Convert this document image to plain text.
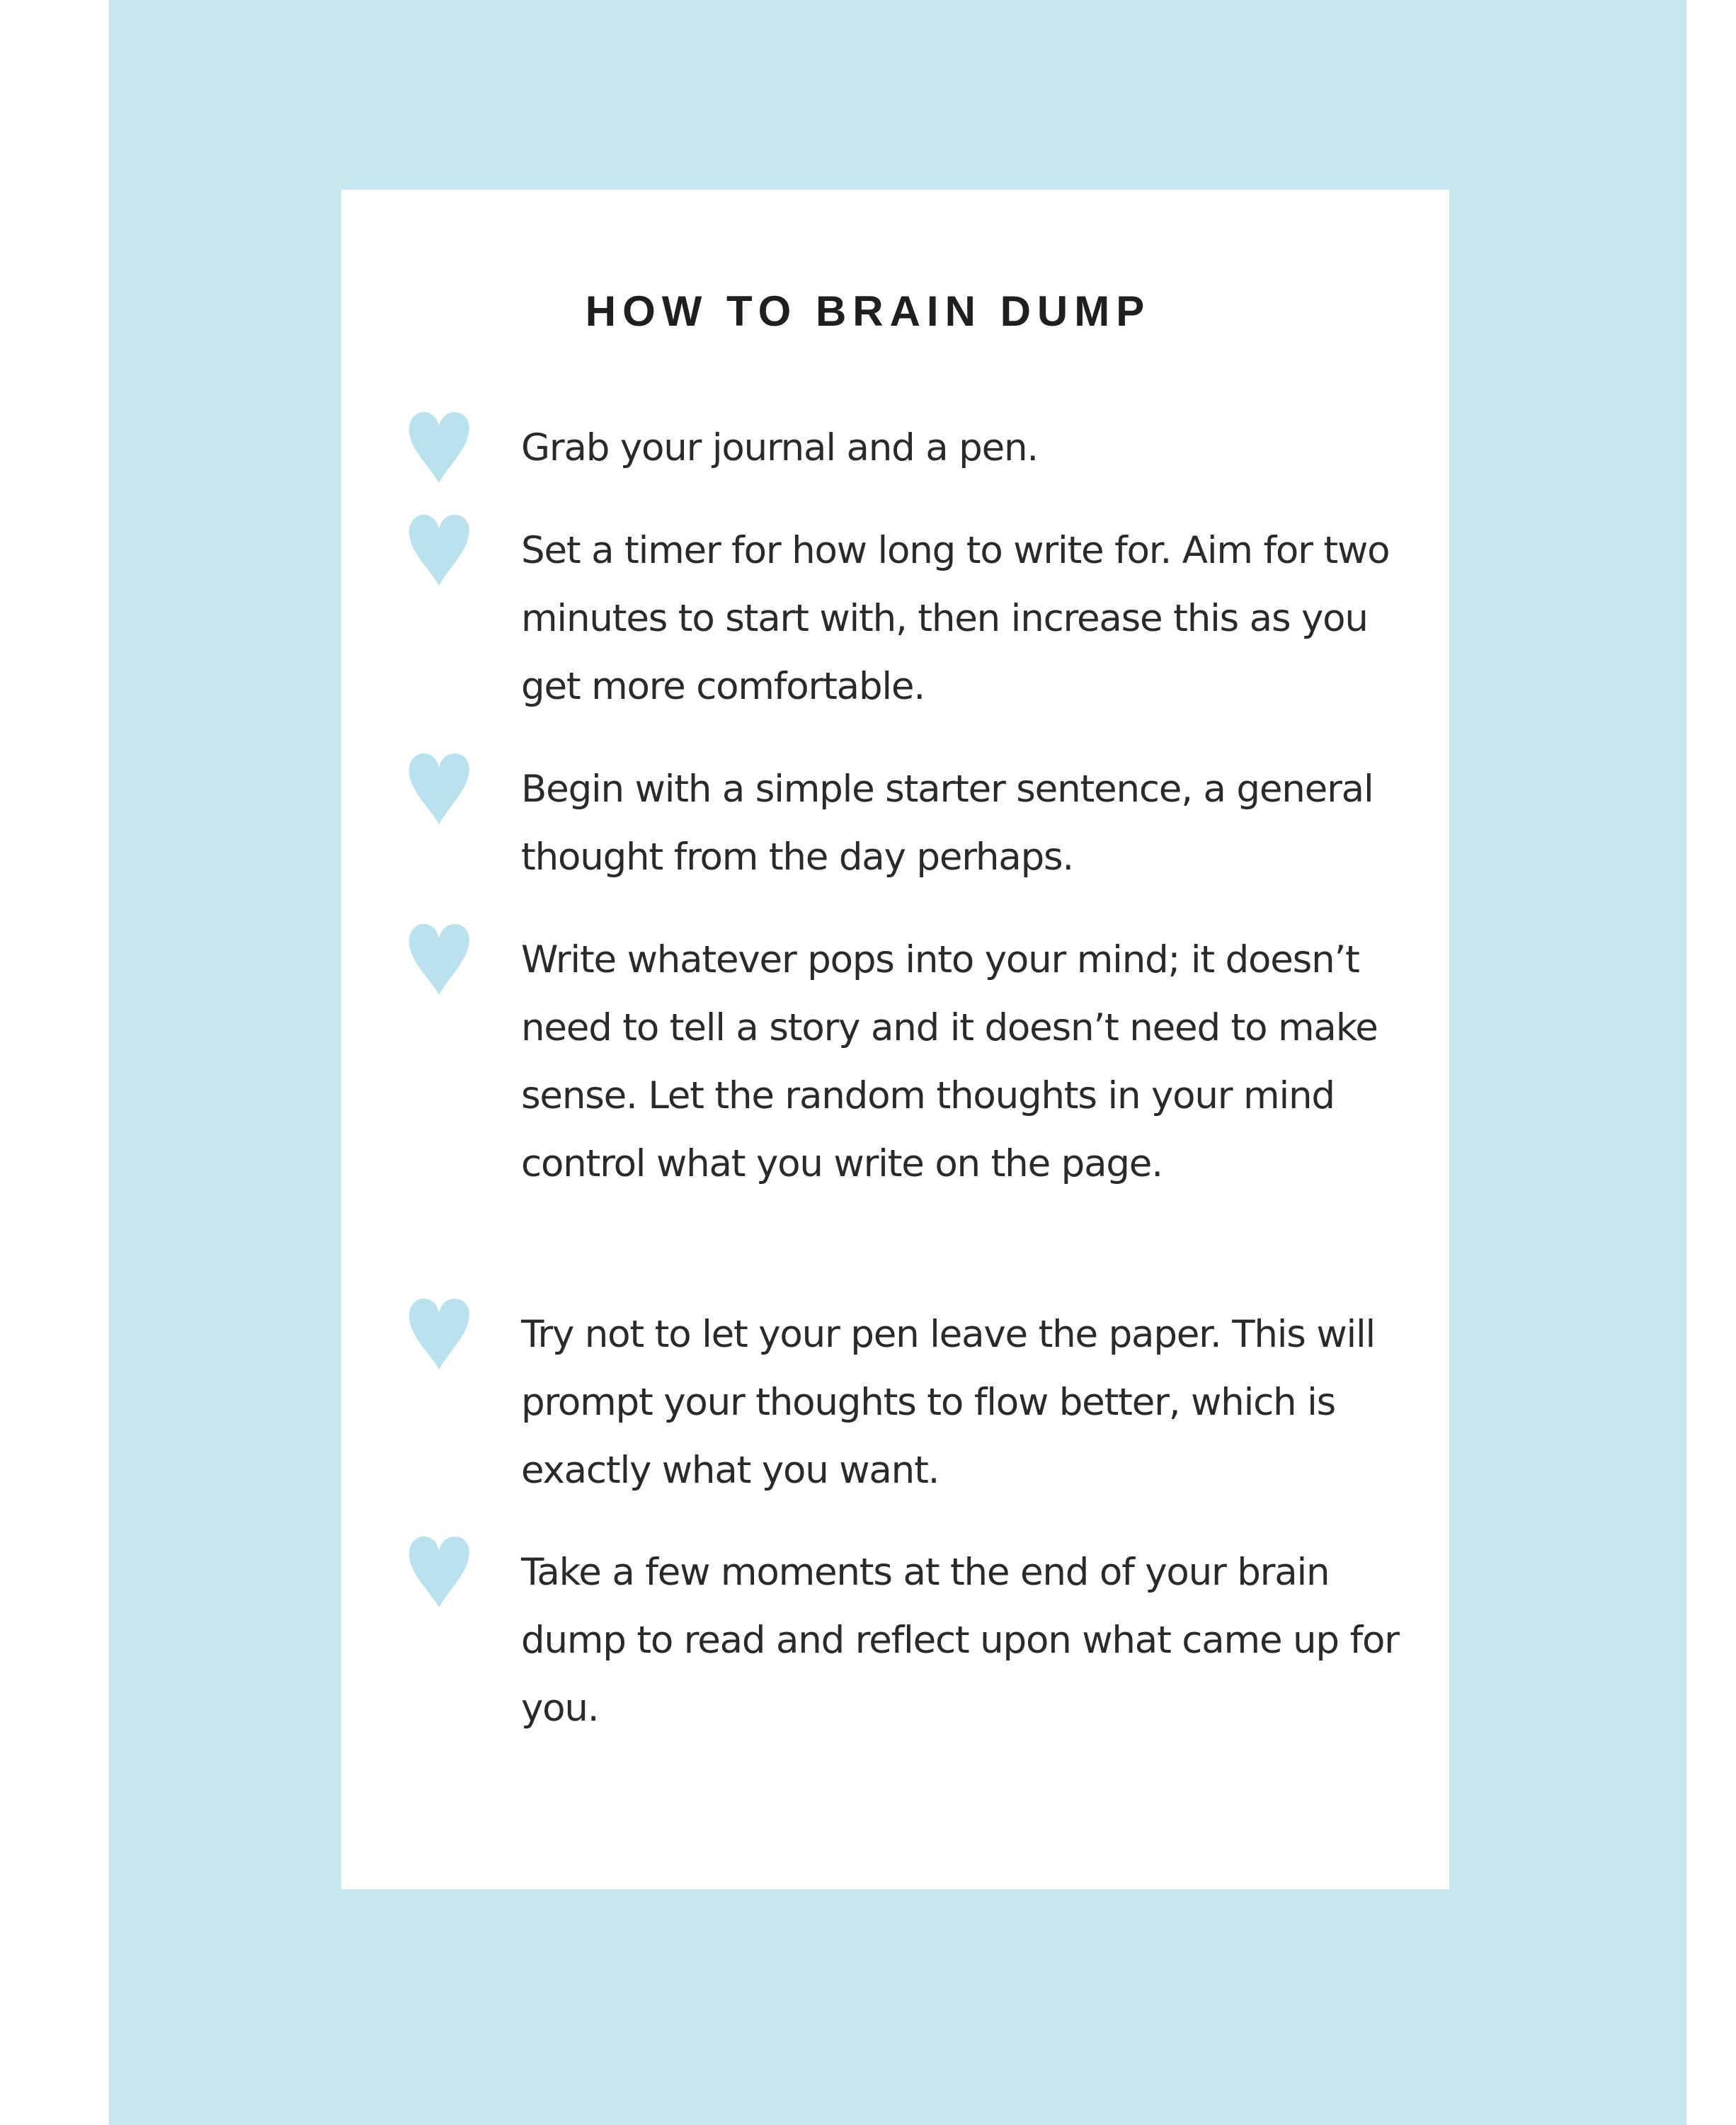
HOW TO BRAIN DUMP

Grab your journal and a pen.

Set a timer for how long to write for. Aim for two minutes to start with, then increase this as you get more comfortable.

Begin with a simple starter sentence, a general thought from the day perhaps.

Write whatever pops into your mind; it doesn’t need to tell a story and it doesn’t need to make sense. Let the random thoughts in your mind control what you write on the page.

Try not to let your pen leave the paper. This will prompt your thoughts to flow better, which is exactly what you want.

Take a few moments at the end of your brain dump to read and reflect upon what came up for you.
